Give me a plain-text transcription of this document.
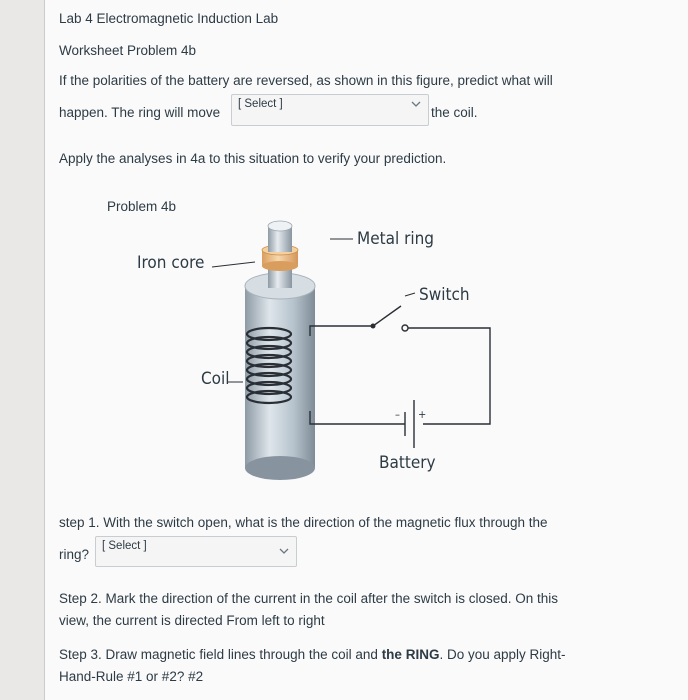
Lab 4 Electromagnetic Induction Lab
Worksheet Problem 4b
If the polarities of the battery are reversed, as shown in this figure, predict what will
happen. The ring will move
[ Select ]
the coil.
Apply the analyses in 4a to this situation to verify your prediction.
Problem 4b
Iron core
Metal ring
Switch
Coil
Battery
– +
step 1. With the switch open, what is the direction of the magnetic flux through the
ring?
[ Select ]
Step 2. Mark the direction of the current in the coil after the switch is closed. On this
view, the current is directed From left to right
Step 3. Draw magnetic field lines through the coil and the RING. Do you apply Right-
Hand-Rule #1 or #2? #2
